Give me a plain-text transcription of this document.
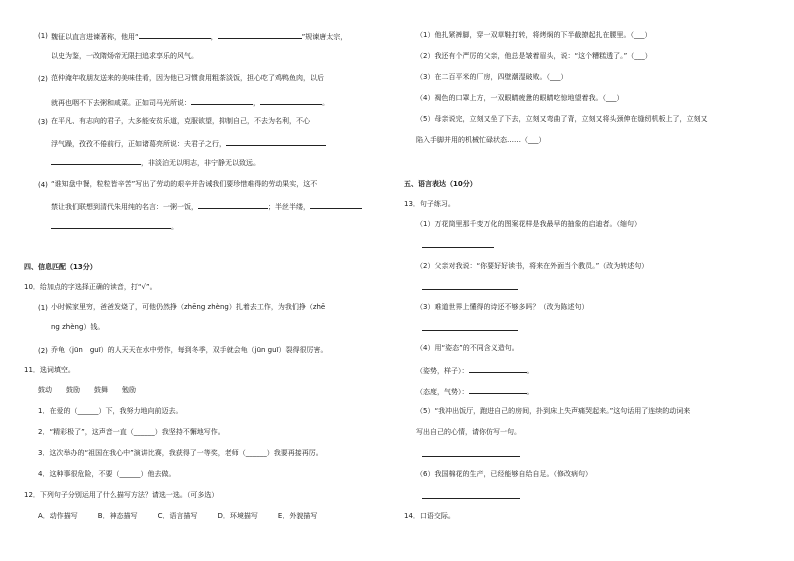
(1) 魏征以直言进谏著称，他用“	，	”规谏唐太宗，
以史为鉴，一改隋炀帝无限扫追求享乐的风气。
(2) 范仲淹年收朋友送来的美味佳肴，因为他已习惯食用粗茶淡饭，担心吃了鸡鸭鱼肉，以后
就再也咽不下去粥和咸菜。正如司马光所说：	，	。
(3) 在平凡、有志向的君子，大多能安贫乐道，克服欲望，抑制自己，不去为名利，不心
浮气躁，孜孜不倦前行，正如诸葛亮所说：夫君子之行，
，非淡泊无以明志，非宁静无以致远。
(4) “谁知盘中餐，粒粒皆辛苦”写出了劳动的艰辛并告诫我们要珍惜难得的劳动果实，这不
禁让我们联想到清代朱用纯的名言：一粥一饭，	；半丝半缕，
。
四、信息匹配（13分）
10．给加点的字选择正确的读音，打“√”。
(1) 小时候家里穷，爸爸发烧了，可他仍然挣（zhēng zhèng）扎着去工作，为我们挣（zhē
ng zhèng）钱。
(2) 乔龟（jūn　guī）的人天天在水中劳作，每到冬季，双手就会龟（jūn guī）裂得很厉害。
11．选词填空。
鼓动 鼓励 鼓舞 勉励
1．在爱的（______）下，我努力地向前迈去。
2．“精彩极了”，这声音一直（______）我坚持不懈地写作。
3．这次举办的“祖国在我心中”演讲比赛，我获得了一等奖，老师（______）我要再接再厉。
4．这种事很危险，不要（______）他去做。
12．下列句子分别运用了什么描写方法？请选一选。（可多选）
A．动作描写	B．神态描写	C．语言描写	D．环境描写	E．外貌描写
（1）他扎紧裤脚，穿一双草鞋打转，将烤焖的下半截撩起扎在腰里。（___）
（2）我还有个严厉的父亲，他总是皱着眉头，说：“这个糟糕透了。”（___）
（3）在二百平米的厂房，四壁潮湿破败。（___）
（4）褐色的口罩上方，一双眼睛疲惫的眼睛吃惊地望着我。（___）
（5）母亲说完，立刻又坐了下去，立刻又弯曲了背，立刻又将头颈伸在缝纫机板上了，立刻又
陷入手脚并用的机械忙碌状态……（___）
五、语言表达（10分）
13．句子练习。
（1）万花筒里那千变万化的图案花样是我最早的抽象的启迪者。（缩句）
（2）父亲对我说：“你要好好读书，将来在外面当个教员。”（改为转述句）
（3）难道世界上懂得的诗还不够多吗？（改为陈述句）
（4）用“姿态”的不同含义造句。
（姿势，样子）：	。
（态度，气势）：	。
（5）“我冲出饭厅，跑进自己的房间，扑到床上失声痛哭起来。”这句话用了连续的动词来
写出自己的心情，请你仿写一句。
（6）我国棉花的生产，已经能够自给自足。（修改病句）
14．口语交际。
